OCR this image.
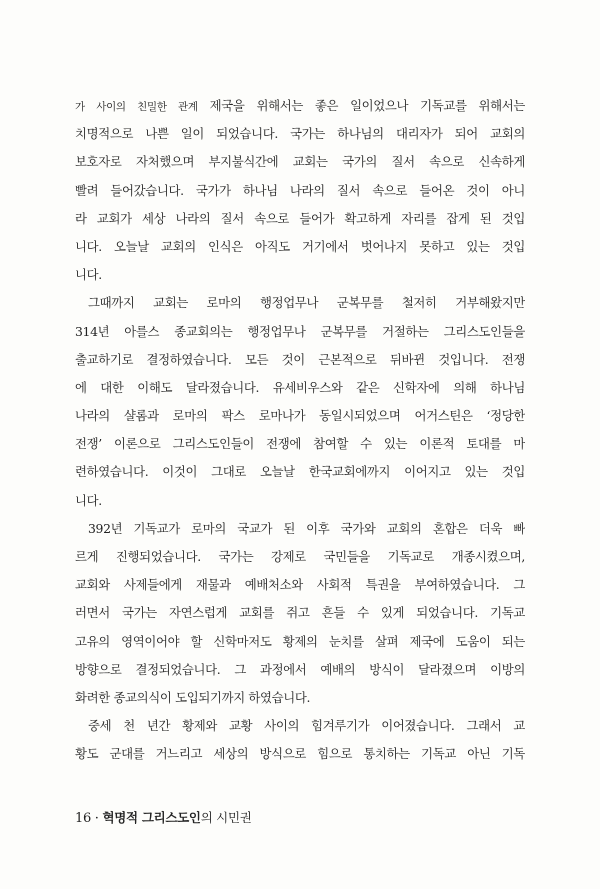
가 사이의 친밀한 관계 제국을 위해서는 좋은 일이었으나 기독교를 위해서는
치명적으로 나쁜 일이 되었습니다. 국가는 하나님의 대리자가 되어 교회의
보호자로 자처했으며 부지불식간에 교회는 국가의 질서 속으로 신속하게
빨려 들어갔습니다. 국가가 하나님 나라의 질서 속으로 들어온 것이 아니
라 교회가 세상 나라의 질서 속으로 들어가 확고하게 자리를 잡게 된 것입
니다. 오늘날 교회의 인식은 아직도 거기에서 벗어나지 못하고 있는 것입
니다.
그때까지 교회는 로마의 행정업무나 군복무를 철저히 거부해왔지만
314년 아를스 종교회의는 행정업무나 군복무를 거절하는 그리스도인들을
출교하기로 결정하였습니다. 모든 것이 근본적으로 뒤바뀐 것입니다. 전쟁
에 대한 이해도 달라졌습니다. 유세비우스와 같은 신학자에 의해 하나님
나라의 샬롬과 로마의 팍스 로마나가 동일시되었으며 어거스틴은 ‘정당한
전쟁’ 이론으로 그리스도인들이 전쟁에 참여할 수 있는 이론적 토대를 마
련하였습니다. 이것이 그대로 오늘날 한국교회에까지 이어지고 있는 것입
니다.
392년 기독교가 로마의 국교가 된 이후 국가와 교회의 혼합은 더욱 빠
르게 진행되었습니다. 국가는 강제로 국민들을 기독교로 개종시켰으며,
교회와 사제들에게 재물과 예배처소와 사회적 특권을 부여하였습니다. 그
러면서 국가는 자연스럽게 교회를 쥐고 흔들 수 있게 되었습니다. 기독교
고유의 영역이어야 할 신학마저도 황제의 눈치를 살펴 제국에 도움이 되는
방향으로 결정되었습니다. 그 과정에서 예배의 방식이 달라졌으며 이방의
화려한 종교의식이 도입되기까지 하였습니다.
중세 천 년간 황제와 교황 사이의 힘겨루기가 이어졌습니다. 그래서 교
황도 군대를 거느리고 세상의 방식으로 힘으로 통치하는 기독교 아닌 기독
16 · 혁명적 그리스도인의 시민권
